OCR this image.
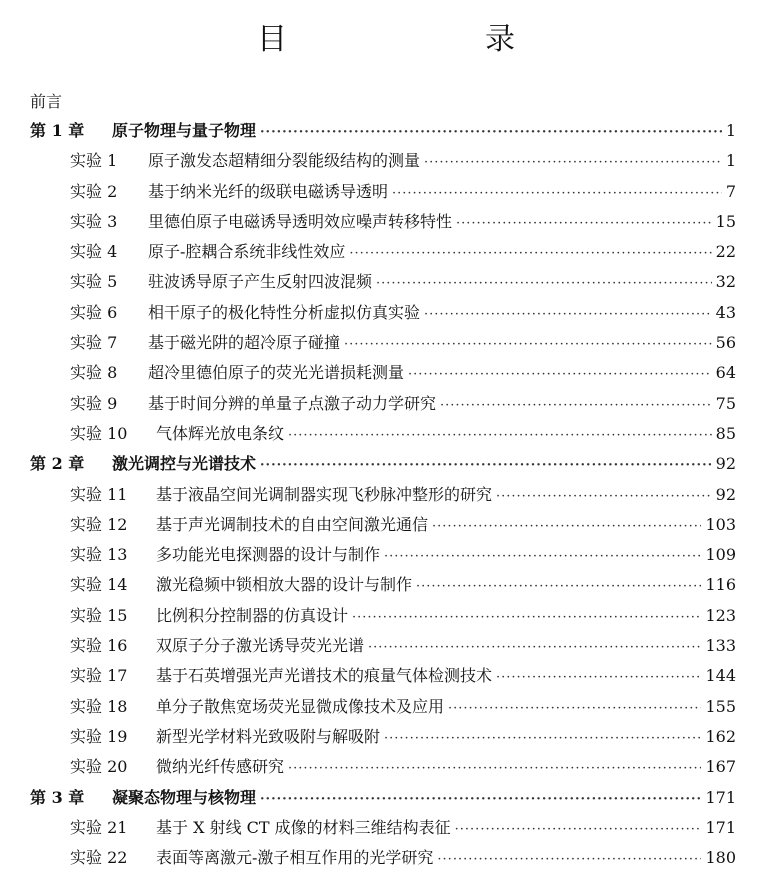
目　　录
前言
第 1 章	原子物理与量子物理 ·····	1
实验 1	原子激发态超精细分裂能级结构的测量 ·····	1
实验 2	基于纳米光纤的级联电磁诱导透明 ·····	7
实验 3	里德伯原子电磁诱导透明效应噪声转移特性 ·····	15
实验 4	原子-腔耦合系统非线性效应 ·····	22
实验 5	驻波诱导原子产生反射四波混频 ·····	32
实验 6	相干原子的极化特性分析虚拟仿真实验 ·····	43
实验 7	基于磁光阱的超冷原子碰撞 ·····	56
实验 8	超冷里德伯原子的荧光光谱损耗测量 ·····	64
实验 9	基于时间分辨的单量子点激子动力学研究 ·····	75
实验 10	气体辉光放电条纹 ·····	85
第 2 章	激光调控与光谱技术 ·····	92
实验 11	基于液晶空间光调制器实现飞秒脉冲整形的研究 ·····	92
实验 12	基于声光调制技术的自由空间激光通信 ·····	103
实验 13	多功能光电探测器的设计与制作 ·····	109
实验 14	激光稳频中锁相放大器的设计与制作 ·····	116
实验 15	比例积分控制器的仿真设计 ·····	123
实验 16	双原子分子激光诱导荧光光谱 ·····	133
实验 17	基于石英增强光声光谱技术的痕量气体检测技术 ·····	144
实验 18	单分子散焦宽场荧光显微成像技术及应用 ·····	155
实验 19	新型光学材料光致吸附与解吸附 ·····	162
实验 20	微纳光纤传感研究 ·····	167
第 3 章	凝聚态物理与核物理 ·····	171
实验 21	基于 X 射线 CT 成像的材料三维结构表征 ·····	171
实验 22	表面等离激元-激子相互作用的光学研究 ·····	180
